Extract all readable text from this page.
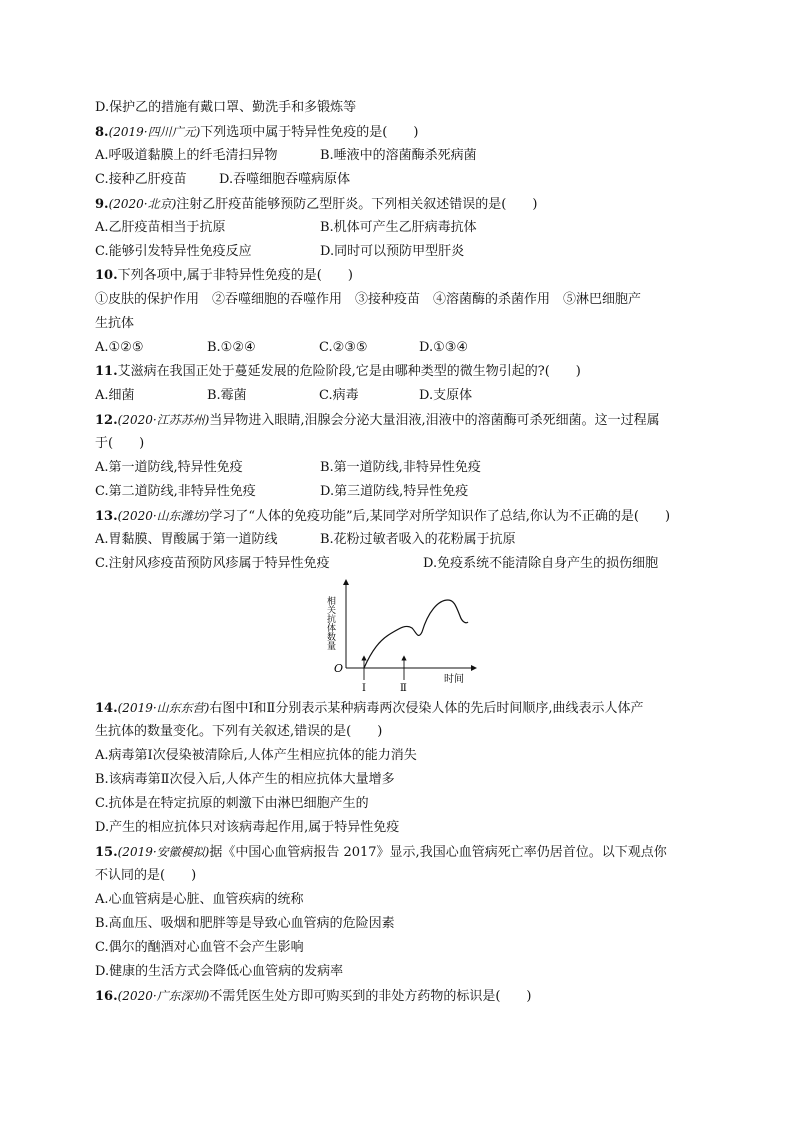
D.保护乙的措施有戴口罩、勤洗手和多锻炼等
8.(2019·四川广元)下列选项中属于特异性免疫的是(　　)
A.呼吸道黏膜上的纤毛清扫异物	B.唾液中的溶菌酶杀死病菌
C.接种乙肝疫苗	D.吞噬细胞吞噬病原体
9.(2020·北京)注射乙肝疫苗能够预防乙型肝炎。下列相关叙述错误的是(　　)
A.乙肝疫苗相当于抗原	B.机体可产生乙肝病毒抗体
C.能够引发特异性免疫反应	D.同时可以预防甲型肝炎
10.下列各项中,属于非特异性免疫的是(　　)
①皮肤的保护作用　②吞噬细胞的吞噬作用　③接种疫苗　④溶菌酶的杀菌作用　⑤淋巴细胞产
生抗体
A.①②⑤	B.①②④	C.②③⑤	D.①③④
11.艾滋病在我国正处于蔓延发展的危险阶段,它是由哪种类型的微生物引起的?(　　)
A.细菌	B.霉菌	C.病毒	D.支原体
12.(2020·江苏苏州)当异物进入眼睛,泪腺会分泌大量泪液,泪液中的溶菌酶可杀死细菌。这一过程属
于(　　)
A.第一道防线,特异性免疫	B.第一道防线,非特异性免疫
C.第二道防线,非特异性免疫	D.第三道防线,特异性免疫
13.(2020·山东潍坊)学习了“人体的免疫功能”后,某同学对所学知识作了总结,你认为不正确的是(　　)
A.胃黏膜、胃酸属于第一道防线	B.花粉过敏者吸入的花粉属于抗原
C.注射风疹疫苗预防风疹属于特异性免疫	D.免疫系统不能清除自身产生的损伤细胞
O
Ⅰ	Ⅱ
时间
相关抗体数量
14.(2019·山东东营)右图中Ⅰ和Ⅱ分别表示某种病毒两次侵染人体的先后时间顺序,曲线表示人体产
生抗体的数量变化。下列有关叙述,错误的是(　　)
A.病毒第Ⅰ次侵染被清除后,人体产生相应抗体的能力消失
B.该病毒第Ⅱ次侵入后,人体产生的相应抗体大量增多
C.抗体是在特定抗原的刺激下由淋巴细胞产生的
D.产生的相应抗体只对该病毒起作用,属于特异性免疫
15.(2019·安徽模拟)据《中国心血管病报告 2017》显示,我国心血管病死亡率仍居首位。以下观点你
不认同的是(　　)
A.心血管病是心脏、血管疾病的统称
B.高血压、吸烟和肥胖等是导致心血管病的危险因素
C.偶尔的酗酒对心血管不会产生影响
D.健康的生活方式会降低心血管病的发病率
16.(2020·广东深圳)不需凭医生处方即可购买到的非处方药物的标识是(　　)
